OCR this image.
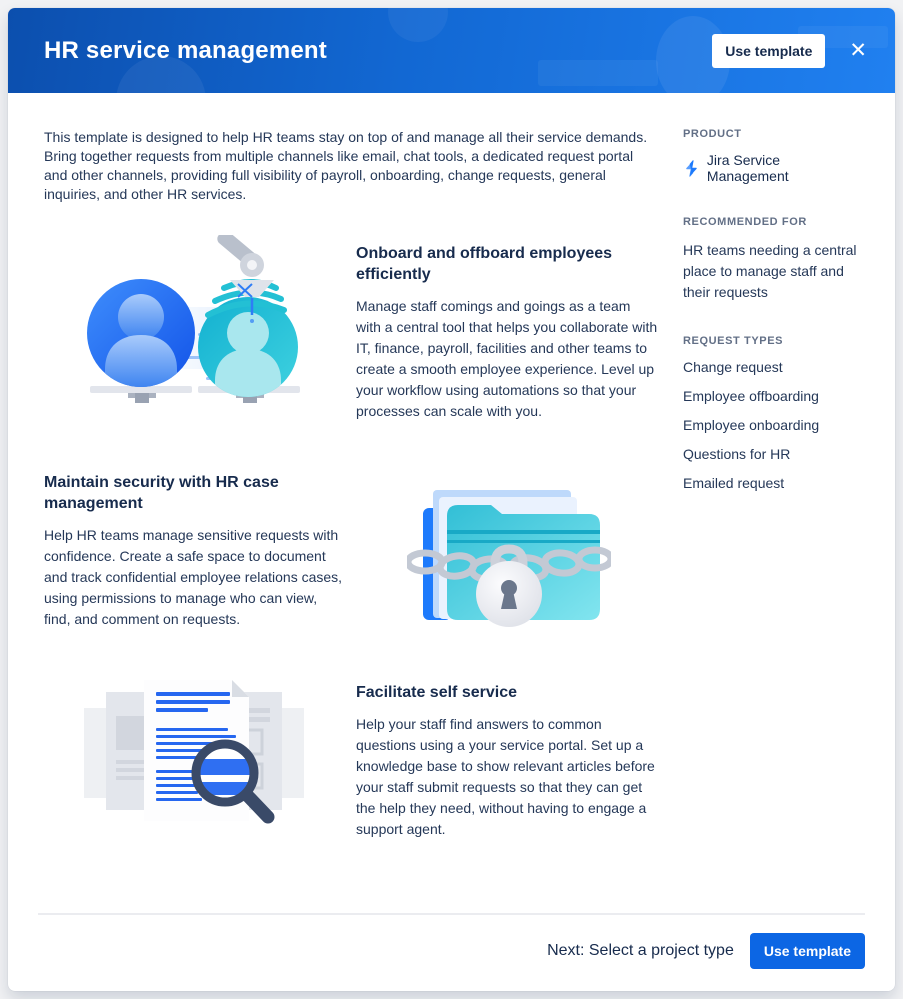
HR service management	Use template	✕

This template is designed to help HR teams stay on top of and manage all their service demands. Bring together requests from multiple channels like email, chat tools, a dedicated request portal and other channels, providing full visibility of payroll, onboarding, change requests, general inquiries, and other HR services.

Onboard and offboard employees efficiently

Manage staff comings and goings as a team with a central tool that helps you collaborate with IT, finance, payroll, facilities and other teams to create a smooth employee experience. Level up your workflow using automations so that your processes can scale with you.

Maintain security with HR case management

Help HR teams manage sensitive requests with confidence. Create a safe space to document and track confidential employee relations cases, using permissions to manage who can view, find, and comment on requests.

Facilitate self service

Help your staff find answers to common questions using a your service portal. Set up a knowledge base to show relevant articles before your staff submit requests so that they can get the help they need, without having to engage a support agent.

PRODUCT
Jira Service Management
RECOMMENDED FOR

HR teams needing a central place to manage staff and their requests

REQUEST TYPES
Change request
Employee offboarding
Employee onboarding
Questions for HR
Emailed request
Next: Select a project type	Use template
